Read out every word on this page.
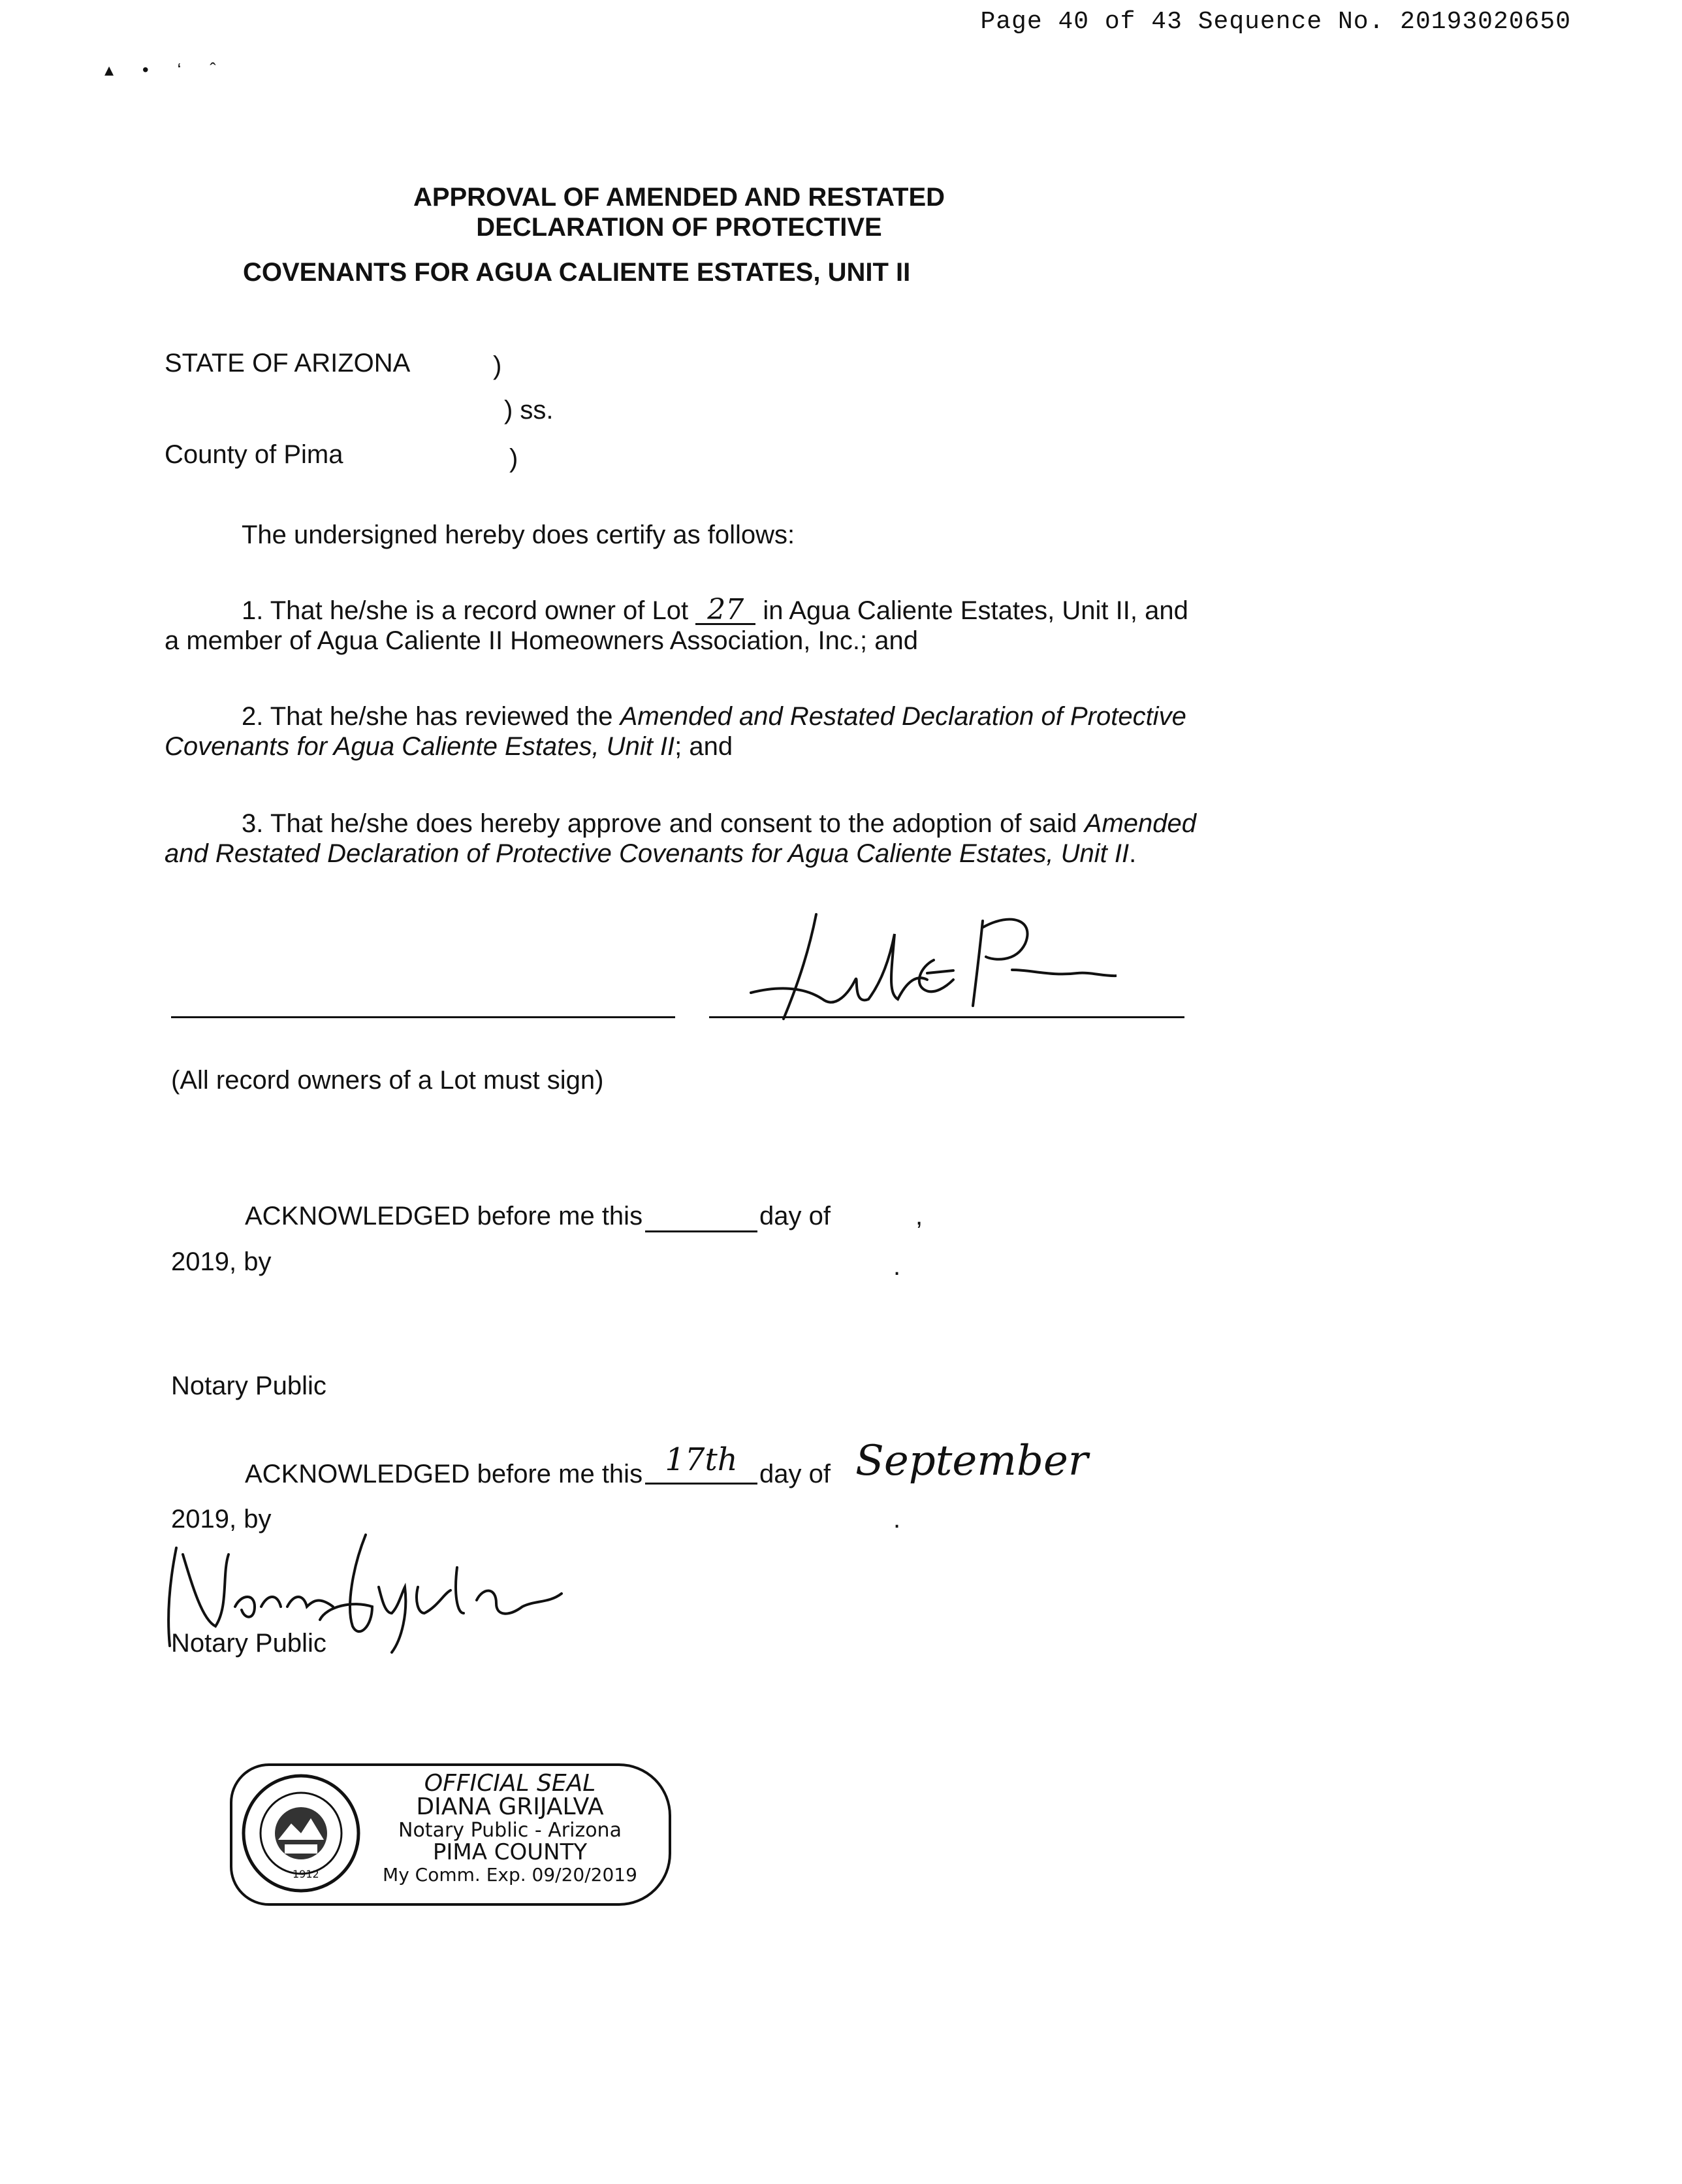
Page 40 of 43 Sequence No. 20193020650
▴ • ‘ ˆ
APPROVAL OF AMENDED AND RESTATED
DECLARATION OF PROTECTIVE
COVENANTS FOR AGUA CALIENTE ESTATES, UNIT II
STATE OF ARIZONA	)
) ss.
County of Pima	)
The undersigned hereby does certify as follows:
1. That he/she is a record owner of Lot 27 in Agua Caliente Estates, Unit II, and
a member of Agua Caliente II Homeowners Association, Inc.; and
2. That he/she has reviewed the Amended and Restated Declaration of Protective
Covenants for Agua Caliente Estates, Unit II; and
3. That he/she does hereby approve and consent to the adoption of said Amended and Restated Declaration of Protective Covenants for Agua Caliente Estates, Unit II.
(All record owners of a Lot must sign)
ACKNOWLEDGED before me this	day of	,
2019, by	.
Notary Public
ACKNOWLEDGED before me this 17th day of September
2019, by	.
Notary Public
1912
OFFICIAL SEAL
DIANA GRIJALVA
Notary Public - Arizona
PIMA COUNTY
My Comm. Exp. 09/20/2019
